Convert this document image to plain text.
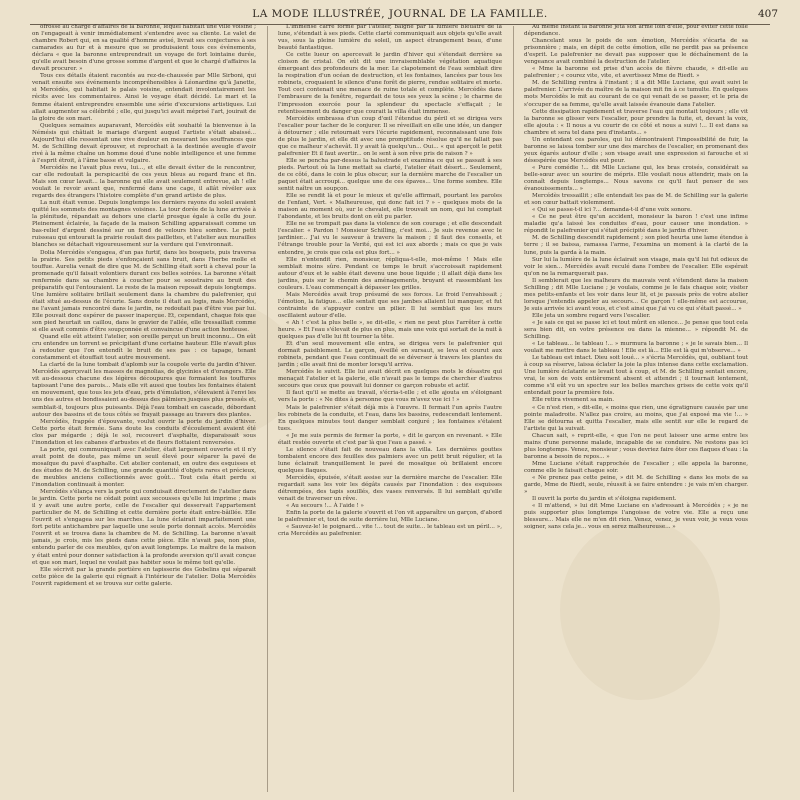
LA MODE ILLUSTRÉE, JOURNAL DE LA FAMILLE.	407

ofrosse au chargé d'affaires de la baronne, lequel habitait une ville voisine ; on l'engageait à venir immédiatement s'entendre avec sa cliente. Le valet de chambre Robert qui, en sa qualité d'homme avisé, livrait ses conjectures à ses camarades au fur et à mesure que se produisaient tous ces événements, déclara « que la baronne entreprendrait un voyage de fort lointaine durée, qu'elle avait besoin d'une grosse somme d'argent et que le chargé d'affaires la devait procurer. »

Tous ces détails étaient racontés au rez-de-chaussée par Mlle Sirboni, qui venait ensuite ses événements incompréhensibles à Léonardine qu'à Janette, si Mercédès, qui habitait le palais voisine, entendait involontairement les récits avec les commentaires. Ainsi le voyage était décidé. Le mari et la femme étaient entreprendre ensemble une série d'excursions artistiques. Lui allait augmenter sa célébrité ; elle, qui jusqu'ici avait méprisé l'art, jouirait de la gloire de son mari.

Quelques semaines auparavant, Mercédès eût souhaité la bienvenue à la Némésis qui châtiait le mariage d'argent auquel l'artiste s'était abaissé... Aujourd'hui elle ressentait une vive douleur en mesurant les souffrances que M. de Schilling devait éprouver, et reprochait à la destinée aveugle d'avoir rivé à la même chaîne un homme doué d'une noble intelligence et une femme à l'esprit étroit, à l'âme basse et vulgaire.

Mercédès ne l'avait plus revu, lui..., et elle devait éviter de le rencontrer, car elle redoutait la perspicacité de ces yeux bleus au regard franc et fin. Mais son cœur lavait... la baronne qui elle avait seulement entrevue, ah ! elle voulait le revoir avant que, renfermé dans une cage, il allât révéler aux regards des étrangers l'histoire complète d'un grand artiste de plus.

La nuit était venue. Depuis longtemps les derniers rayons du soleil avaient quitté les sommets des montagnes voisines. La tour dorée de la lune arrivée à la plénitude, répandait au dehors une clarté presque égale à celle du jour. Pleinement éclairée, la façade de la maison Schilling apparaissait comme un bas-relief d'argent dessiné sur un fond de velours bleu sombre. Le petit ruisseau qui entourait la prairie roulait des paillettes, et l'atelier aux murailles blanches se détachait vigoureusement sur la verdure qui l'environnait.

Dolia Mercédès s'engagea, d'un pas furtif, dans les bosquets, puis traversa la prairie. Ses petits pieds s'enfonçaient sans bruit, dans l'herbe molle et touffue. Aurelia venait de dire que M. de Schilling était sorti à cheval pour la promenade qu'il faisait volontiers durant ces belles soirées. La baronne s'était renfermée dans sa chambre à coucher pour se soustraire au bruit des préparatifs qui l'entouraient. Le reste de la maison reposait depuis longtemps. Une lumière solitaire brillait seulement dans la chambre du palefrenier, qui était situé au-dessus de l'écurie. Sans doute il était au logis, mais Mercédès, ne l'avant jamais rencontré dans le jardin, ne redoutait pas d'être vue par lui. Elle pouvait donc espérer de passer inaperçue. Et, cependant, chaque fois que son pied heurtait un caillou, dans le gravier de l'allée, elle tressaillait comme si elle avait commis d'être soupçonnée et convaincue d'une action honteuse.

Quand elle eût atteint l'atelier, son oreille perçut un bruit inconnu... On eût cru entendre un torrent se précipitant d'une certaine hauteur. Elle n'avait plus à redouter que l'on entendît le bruit de ses pas : ce tapage, tenant constamment et étouffait tout autre mouvement.

La clarté de la lune tombait d'aplomb sur la coupole verte du jardin d'hiver. Mercédès aperçevait les masses de magnolias, de glycinies et d'orangers. Elle vit au-dessous chacune des légères découpures que formaient les touffures tapissant l'une des parois... Mais elle vit aussi que toutes les fontaines étaient en mouvement, que tous les jets d'eau, pris d'émulation, s'élevaient à l'envi les uns des autres et bondissaient au-dessus des pâlmiers jusques plus pressés et, semblait-il, toujours plus puissants. Déjà l'eau tombait en cascade, débordant autour des bassins et de tous côtés se frayait passage au travers des plantes.

Mercédès, frappée d'épouvante, voulut ouvrir la porte du jardin d'hiver. Cette porte était fermée. Sans doute les conduits d'écoulement avaient été clos par mégarde ; déjà le sol, recouvert d'asphalte, disparaissait sous l'inondation et les cabanes d'arbustes et de fleurs flottaient renversées.

La porte, qui communiquait avec l'atelier, était largement ouverte et il n'y avait point de doute, pas même un seuil élevé pour séparer la pavé de mosaïque du pavé d'asphalte. Cet atelier contenait, en outre des esquisses et des études de M. de Schilling, une grande quantité d'objets rares et précieux, de meubles anciens collectionnés avec goût... Tout cela était perdu si l'inondation continuait à monter.

Mercédès s'élança vers la porte qui conduisait directement de l'atelier dans le jardin. Cette porte ne cédait point aux secousses qu'elle lui imprime ; mais il y avait une autre porte, celle de l'escalier qui desservait l'appartement particulier de M. de Schilling et cette dernière porte était entre-bâillée. Elle l'ouvrit et s'engagea sur les marches. La lune éclairait imparfaitement une fort petite antichambre par laquelle une seule porte donnait accès. Mercédès l'ouvrit et se trouva dans la chambre de M. de Schilling. La baronne n'avait jamais, je crois, mis les pieds dans cette pièce. Elle n'avait pas, non plus, entendu parler de ces meubles, qu'on avait longtemps. Le maître de la maison y était entré pour donner satisfaction à la profonde aversion qu'il avait conçue et que son mari, lequel ne voulait pas habiter sous le même toit qu'elle.

Elle sécrivit par la grande portière en tapisserie des Gobelins qui séparait cette pièce de la galerie qui régnait à l'intérieur de l'atelier. Dolia Mercédès l'ouvrit rapidement et se trouva sur cette galerie.

L'immense carré formé par l'atelier, baigné par la lumière bleuâtre de la lune, s'étendait à ses pieds. Cette clarté communiquait aux objets qu'elle avait vus, sous la pleine lumière du soleil, un aspect étrangement beau, d'une beauté fantastique.

Ce cette lueur on apercevait le jardin d'hiver qui s'étendait derrière sa cloison de cristal. On eût dit une invraisemblable végétation aquatique émergeant des profondeurs de la mer. Le clapotement de l'eau semblait dire la respiration d'un océan de destruction, et les fontaines, lancées par tous les robinets, croquaient le silence d'une forêt de pierre, rendue solitaire et morte. Tout ceci contenait une menace de ruine totale et complète. Mercédès dans l'embrasure de la fenêtre, regardait de tous ses yeux la scène ; le charme de l'impression exercée pour la splendeur du spectacle s'effaçait ; le retentissement du danger que courait la villa était immense.

Mercédès embrassa d'un coup d'œil l'étendue du péril et se dirigea vers l'escalier pour tacher de le conjurer. Il se réveillait en elle une idée, un danger à détourner ; elle retournait vers l'écurie rapidement, reconnaissant une fois de plus le jardin, et elle dit avec une promptitude résolue qu'il ne fallait pas que ce malheur s'achevât. Il y avait là quelqu'un... Oui... « qui aperçoit le petit palefrenier Et il faut avertir... on le sent à son rêve pris de raison ? »

Elle se pencha par-dessus la balustrade et examina ce qui se passait à ses pieds. Partout où la lune mettait sa clarté, l'atelier était désert... Seulement, de ce côté, dans le coin le plus obscur, sur la dernière marche de l'escalier un paquet était accroupi... quelque une de ces épaves... Une forme sombre. Elle sentit naître un soupçon.

Elle se rendit là et pour le mieux et qu'elle affirmait, pourtant les paroles de l'enfant, Vert. « Malheureuse, qui donc fait ici ? » – quelques mots de la maison au moment où, sur le chevalet, elle trouvait un nom, qui lui comptait l'abondante, et les bruits dont on eût pu parler.

Elle ne se trompait pas dans la violence de son courage ; et elle descendait l'escalier. « Pardon ! Monsieur Schilling, c'est moi... Je suis revenue avec le jardinier... J'ai vu le sauveur à travers la maison ; il faut des conseils, et l'étrange trouble pour la Verité, qui est ici aux abords ; mais ce que je vais entendre, je crois que cela est plus fort... »

Elle n'entendit rien, monsieur, répliqua-t-elle, moi-même ! Mais elle semblait moins sûre. Pendant ce temps le bruit s'accroissait rapidement autour d'eux et le sable était devenu une boue liquide ; il allait déjà dans les jardins, puis sur le chemin des aménagements, bruyant et rassemblant les couleurs. L'eau commençait à dépasser les grilles.

Mais Mercédès avait trop présumé de ses forces. Le froid l'envahissait ; l'émotion, la fatigue... elle sentait que ses jambes allaient lui manquer, et fut contrainte de s'appuyer contre un pilier. Il lui semblait que les murs oscillaient autour d'elle.

« Ah ! c'est la plus belle », se dit-elle, « rien ne peut plus l'arrêter à cette heure. » Et l'eau s'élevait de plus en plus, mais une voix qui sortait de la nuit à quelques pas d'elle lui fit tourner la tête.

Et d'un seul mouvement elle entra, se dirigea vers le palefrenier qui dormait paisiblement. Le garçon, éveillé en sursaut, se leva et courut aux robinets, pendant que l'eau continuait de se déverser à travers les plantes du jardin ; elle avait fini de monter lorsqu'il arriva.

Mercédès le suivit. Elle lui avait décrit en quelques mots le désastre qui menaçait l'atelier et la galerie, elle n'avait pas le temps de chercher d'autres secours que ceux que pouvait lui donner ce garçon robuste et actif.

Il faut qu'il se mette au travail, s'écria-t-elle ; et elle ajouta en s'éloignant vers la porte : « Ne dites à personne que vous m'avez vue ici ! »

Mais le palefrenier s'était déjà mis à l'œuvre. Il fermait l'un après l'autre les robinets de la conduite, et l'eau, dans les bassins, redescendait lentement. En quelques minutes tout danger semblait conjuré ; les fontaines s'étaient tues.

« Je me suis permis de fermer la porte, » dit le garçon en revenant. « Elle était restée ouverte et c'est par là que l'eau a passé. »

Le silence s'était fait de nouveau dans la villa. Les dernières gouttes tombaient encore des feuilles des palmiers avec un petit bruit régulier, et la lune éclairait tranquillement le pavé de mosaïque où brillaient encore quelques flaques.

Mercédès, épuisée, s'était assise sur la dernière marche de l'escalier. Elle regardait sans les voir les dégâts causés par l'inondation : des esquisses détrempées, des tapis souillés, des vases renversés. Il lui semblait qu'elle venait de traverser un rêve.

« Au secours !... À l'aide ! »

Enfin la porte de la galerie s'ouvrit et l'on vit apparaître un garçon, d'abord le palefrenier et, tout de suite derrière lui, Mlle Luciane.

« Sauvez-le! le poignard... vite !... tout de suite... le tableau est un péril... », cria Mercédès au palefrenier.

Au même instant la baronne jeta son arme loin d'elle, pour éviter cette folle dépendance.

Chancelant sous le poids de son émotion, Mercédès s'écarta de sa prisonnière ; mais, en dépit de cette émotion, elle ne perdit pas sa présence d'esprit. Le palefrenier ne devait pas supposer que le déchaînement de la vengeance avait combiné la destruction de l'atelier.

« Mme la baronne est prise d'un accès de fièvre chaude, » dit-elle au palefrenier ; « courez vite, vite, et avertissez Mme de Riedt. »

M. de Schilling rentra à l'instant ; il a dit Mlle Luciane, qui avait suivi le palefrenier. L'arrivée du maître de la maison mit fin à ce tumulte. En quelques mots Mercédès le mit au courant de ce qui venait de se passer, et le pria de s'occuper de sa femme, qu'elle avait laissée évanouie dans l'atelier.

Cette dissipation rapidement et traverse l'eau qui montait toujours ; elle vit la baronne se glisser vers l'escalier, pour prendre la fuite, et, devant la voix, elle ajouta : « Il nous a vu courir de ce côté et nous a suivi !... Il est dans sa chambre et sera tel dans peu d'instants... »

Un entendant ces paroles, qui lui démontraient l'impossibilité de fuir, la baronne se laissa tomber sur une des marches de l'escalier, en promenant des yeux égarés autour d'elle ; son visage avait une expression si farouche et si désespérée que Mercédès eut peur.

« Pure comédie !... dit Mlle Luciane qui, les bras croisés, considérait sa belle-sœur avec un sourire de mépris. Elle voulait nous attendrir, mais on la connaît depuis longtemps... Nous savons ce qu'il faut penser de ses évanouissements... »

Mercédès tressaillit ; elle entendait les pas de M. de Schilling sur la galerie et son cœur battait violemment.

« Qui se passe-t-il ici ?... demanda-t-il d'une voix sonore.

« Ce ne peut être qu'un accident, monsieur la baron ! c'est une infime maladie qu'a laissé les conduites d'eau, pour causer une inondation. » répondit le palefrenier qui s'était précipité dans le jardin d'hiver.

M. de Schilling descendit rapidement ; son pied heurta une lame étendue à terre ; il se baissa, ramassa l'arme, l'examina un moment à la clarté de la lune, puis la garda à la main.

Sur lui la lumière de la lune éclairait son visage, mais qu'il lui fut odieux de voir le sien... Mercédès avait reculé dans l'ombre de l'escalier. Elle espérait qu'on ne la remarquerait pas.

Il semblerait que les malheurs du mauvais vent s'étendent dans la maison Schilling ; dit Mlle Luciane ; je voulais, comme je le fais chaque soir, visiter mes petits-enfants et les voir dans leur lit, et je passais près de votre atelier lorsque j'entendis appeler au secours... Ce garçon ! elle-même est accourue, Je suis arrivée ici avant vous, et c'est ainsi que j'ai vu ce qui s'était passé... »

Elle jeta un sombre regard vers l'escalier.

« Je sais ce qui se passe ici et tout mûrit en silence... Je pense que tout cela sera bien dit, en votre présence ou dans la mienne... » répondit M. de Schilling.

« Le tableau... le tableau !... » murmura la baronne ; « je le savais bien... Il voulait me mettre dans le tableau ! Elle est là... Elle est là qui m'observe... »

Le tableau est intact. Dieu soit loué... » s'écria Mercédès, qui, oubliant tout à coup sa réserve, laissa éclater la joie la plus intense dans cette exclamation. Une lumière éclatante se levait tout à coup, et M. de Schilling sentait encore, vrai, le son de voix entièrement absent et attendri ; il tournait lentement, comme s'il eût vu un spectre sur les belles marches grises de cette voix qu'il entendait pour la première fois.

Elle retira vivement sa main.

« Ce n'est rien, » dit-elle, « moins que rien, une égratignure causée par une pointe maladroite. N'allez pas croire, au moins, que j'ai exposé ma vie !... » Elle se détourna et quitta l'escalier, mais elle sentit sur elle le regard de l'artiste qui la suivait.

Chacun sait, » reprit-elle, « que l'on ne peut laisser une arme entre les mains d'une personne malade, incapable de se conduire. Ne restons pas ici plus longtemps. Venez, monsieur ; vous devriez faire ôter ces flaques d'eau : la baronne a besoin de repos... »

Mme Luciane s'était rapprochée de l'escalier ; elle appela la baronne, comme elle le faisait chaque soir.

« Ne prenez pas cette peine, » dit M. de Schilling « dans les mots de sa garde, Mme de Riedt, seule, réussit à se faire entendre : je vais m'en charger. »

Il ouvrit la porte du jardin et s'éloigna rapidement.

« Il m'attend, » lui dit Mme Luciane en s'adressant à Mercédès ; « je ne puis supporter plus longtemps l'angoisse de votre vie. Elle a reçu une blessure... Mais elle ne m'en dit rien. Venez, venez, je veux voir, je veux vous soigner, sans cela je... vous en serez malheureuse... »
